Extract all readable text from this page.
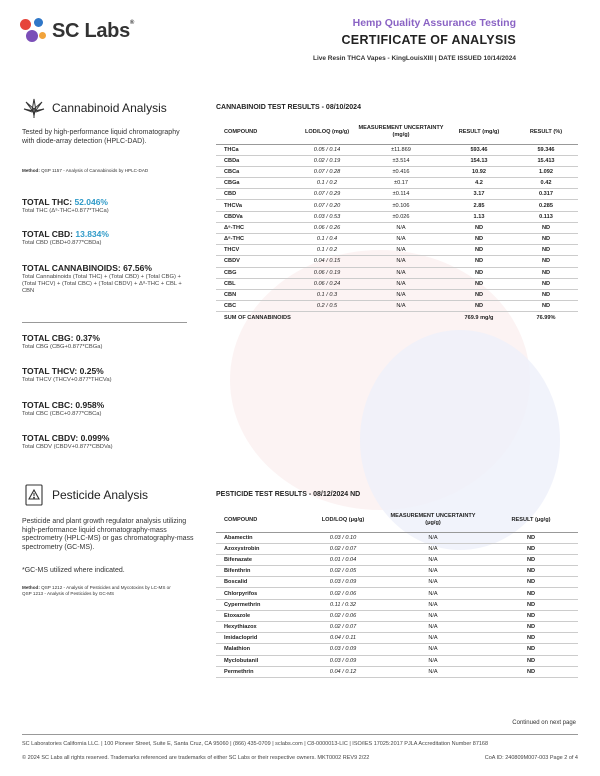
SC Labs®	Hemp Quality Assurance Testing
CERTIFICATE OF ANALYSIS
Live Resin THCA Vapes - KingLouisXIII | DATE ISSUED 10/14/2024
Cannabinoid Analysis
Tested by high-performance liquid chromatography with diode-array detection (HPLC-DAD).
Method: QSP 1157 - Analysis of Cannabinoids by HPLC-DAD
TOTAL THC: 52.046%
Total THC (Δ⁹-THC+0.877*THCa)
TOTAL CBD: 13.834%
Total CBD (CBD+0.877*CBDa)
TOTAL CANNABINOIDS: 67.56%
Total Cannabinoids (Total THC) + (Total CBD) + (Total CBG) + (Total THCV) + (Total CBC) + (Total CBDV) + Δ⁸-THC + CBL + CBN
TOTAL CBG: 0.37%
Total CBG (CBG+0.877*CBGa)
TOTAL THCV: 0.25%
Total THCV (THCV+0.877*THCVa)
TOTAL CBC: 0.958%
Total CBC (CBC+0.877*CBCa)
TOTAL CBDV: 0.099%
Total CBDV (CBDV+0.877*CBDVa)
CANNABINOID TEST RESULTS - 08/10/2024
COMPOUND	LOD/LOQ (mg/g)	MEASUREMENT UNCERTAINTY (mg/g)	RESULT (mg/g)	RESULT (%)
THCa	0.05 / 0.14	±11.869	593.46	59.346
CBDa	0.02 / 0.19	±3.514	154.13	15.413
CBCa	0.07 / 0.28	±0.416	10.92	1.092
CBGa	0.1 / 0.2	±0.17	4.2	0.42
CBD	0.07 / 0.29	±0.114	3.17	0.317
THCVa	0.07 / 0.20	±0.106	2.85	0.285
CBDVa	0.03 / 0.53	±0.026	1.13	0.113
Δ⁹-THC	0.06 / 0.26	N/A	ND	ND
Δ⁸-THC	0.1 / 0.4	N/A	ND	ND
THCV	0.1 / 0.2	N/A	ND	ND
CBDV	0.04 / 0.15	N/A	ND	ND
CBG	0.06 / 0.19	N/A	ND	ND
CBL	0.06 / 0.24	N/A	ND	ND
CBN	0.1 / 0.3	N/A	ND	ND
CBC	0.2 / 0.5	N/A	ND	ND
SUM OF CANNABINOIDS			769.9 mg/g	76.99%
Pesticide Analysis
Pesticide and plant growth regulator analysis utilizing high-performance liquid chromatography-mass spectrometry (HPLC-MS) or gas chromatography-mass spectrometry (GC-MS).
*GC-MS utilized where indicated.
Method: QSP 1212 - Analysis of Pesticides and Mycotoxins by LC-MS or QSP 1213 - Analysis of Pesticides by GC-MS
PESTICIDE TEST RESULTS - 08/12/2024 ND
COMPOUND	LOD/LOQ (μg/g)	MEASUREMENT UNCERTAINTY (μg/g)	RESULT (μg/g)
Abamectin	0.03 / 0.10	N/A	ND
Azoxystrobin	0.02 / 0.07	N/A	ND
Bifenazate	0.01 / 0.04	N/A	ND
Bifenthrin	0.02 / 0.05	N/A	ND
Boscalid	0.03 / 0.09	N/A	ND
Chlorpyrifos	0.02 / 0.06	N/A	ND
Cypermethrin	0.11 / 0.32	N/A	ND
Etoxazole	0.02 / 0.06	N/A	ND
Hexythiazox	0.02 / 0.07	N/A	ND
Imidacloprid	0.04 / 0.11	N/A	ND
Malathion	0.03 / 0.09	N/A	ND
Myclobutanil	0.03 / 0.09	N/A	ND
Permethrin	0.04 / 0.12	N/A	ND
Continued on next page
SC Laboratories California LLC. | 100 Pioneer Street, Suite E, Santa Cruz, CA 95060 | (866) 435-0709 | sclabs.com | C8-0000013-LIC | ISO/IES 17025:2017 PJLA Accreditation Number 87168
© 2024 SC Labs all rights reserved. Trademarks referenced are trademarks of either SC Labs or their respective owners. MKT0002 REV9 2/22	CoA ID: 240809M007-003 Page 2 of 4
